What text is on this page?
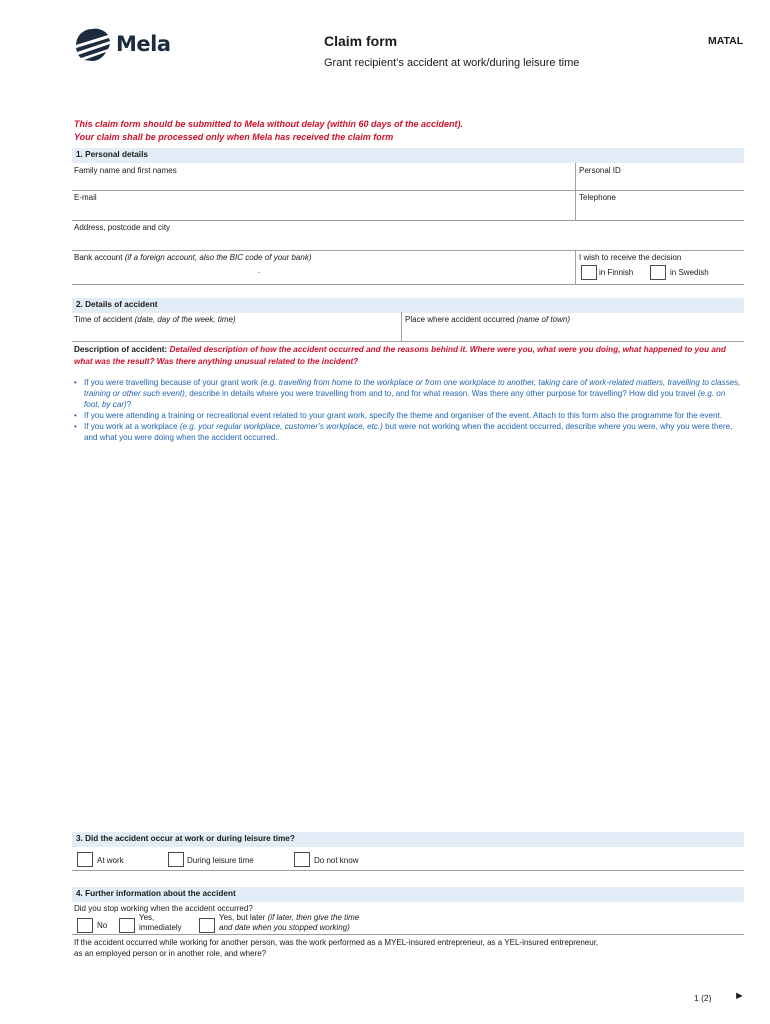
Mela	Claim form
Grant recipient’s accident at work/during leisure time
MATAL
This claim form should be submitted to Mela without delay (within 60 days of the accident).
Your claim shall be processed only when Mela has received the claim form
1. Personal details
Family name and first names	Personal ID
E-mail	Telephone
Address, postcode and city
Bank account (if a foreign account, also the BIC code of your bank)
.
I wish to receive the decision
in Finnish	in Swedish
2. Details of accident
Time of accident (date, day of the week, time)	Place where accident occurred (name of town)
Description of accident: Detailed description of how the accident occurred and the reasons behind it. Where were you, what were you doing, what happened to you and what was the result? Was there anything unusual related to the incident?
• If you were travelling because of your grant work (e.g. travelling from home to the workplace or from one workplace to another, taking care of work-related matters, travelling to classes, training or other such event), describe in details where you were travelling from and to, and for what reason. Was there any other purpose for travelling? How did you travel (e.g. on foot, by car)?
• If you were attending a training or recreational event related to your grant work, specify the theme and organiser of the event. Attach to this form also the programme for the event.
• If you work at a workplace (e.g. your regular workplace, customer’s workplace, etc.) but were not working when the accident occurred, describe where you were, why you were there, and what you were doing when the accident occurred.
3. Did the accident occur at work or during leisure time?
At work	During leisure time	Do not know
4. Further information about the accident
Did you stop working when the accident occurred?
No
Yes,
immediately
Yes, but later (if later, then give the time
and date when you stopped working)
If the accident occurred while working for another person, was the work performed as a MYEL-insured entrepreneur, as a YEL-insured entrepreneur,
as an employed person or in another role, and where?
1 (2) ►
